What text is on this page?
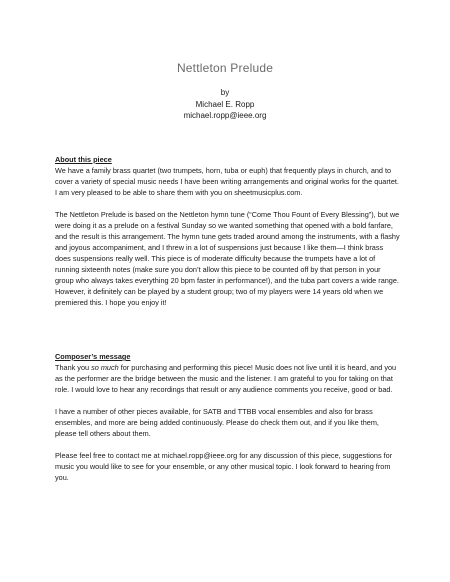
Nettleton Prelude
by
Michael E. Ropp
michael.ropp@ieee.org
About this piece

We have a family brass quartet (two trumpets, horn, tuba or euph) that frequently plays in church, and to cover a variety of special music needs I have been writing arrangements and original works for the quartet. I am very pleased to be able to share them with you on sheetmusicplus.com.

The Nettleton Prelude is based on the Nettleton hymn tune (“Come Thou Fount of Every Blessing”), but we were doing it as a prelude on a festival Sunday so we wanted something that opened with a bold fanfare, and the result is this arrangement. The hymn tune gets traded around among the instruments, with a flashy and joyous accompaniment, and I threw in a lot of suspensions just because I like them—I think brass does suspensions really well. This piece is of moderate difficulty because the trumpets have a lot of running sixteenth notes (make sure you don’t allow this piece to be counted off by that person in your group who always takes everything 20 bpm faster in performance!), and the tuba part covers a wide range. However, it definitely can be played by a student group; two of my players were 14 years old when we premiered this. I hope you enjoy it!

Composer’s message

Thank you so much for purchasing and performing this piece! Music does not live until it is heard, and you as the performer are the bridge between the music and the listener. I am grateful to you for taking on that role. I would love to hear any recordings that result or any audience comments you receive, good or bad.

I have a number of other pieces available, for SATB and TTBB vocal ensembles and also for brass ensembles, and more are being added continuously. Please do check them out, and if you like them, please tell others about them.

Please feel free to contact me at michael.ropp@ieee.org for any discussion of this piece, suggestions for music you would like to see for your ensemble, or any other musical topic. I look forward to hearing from you.
